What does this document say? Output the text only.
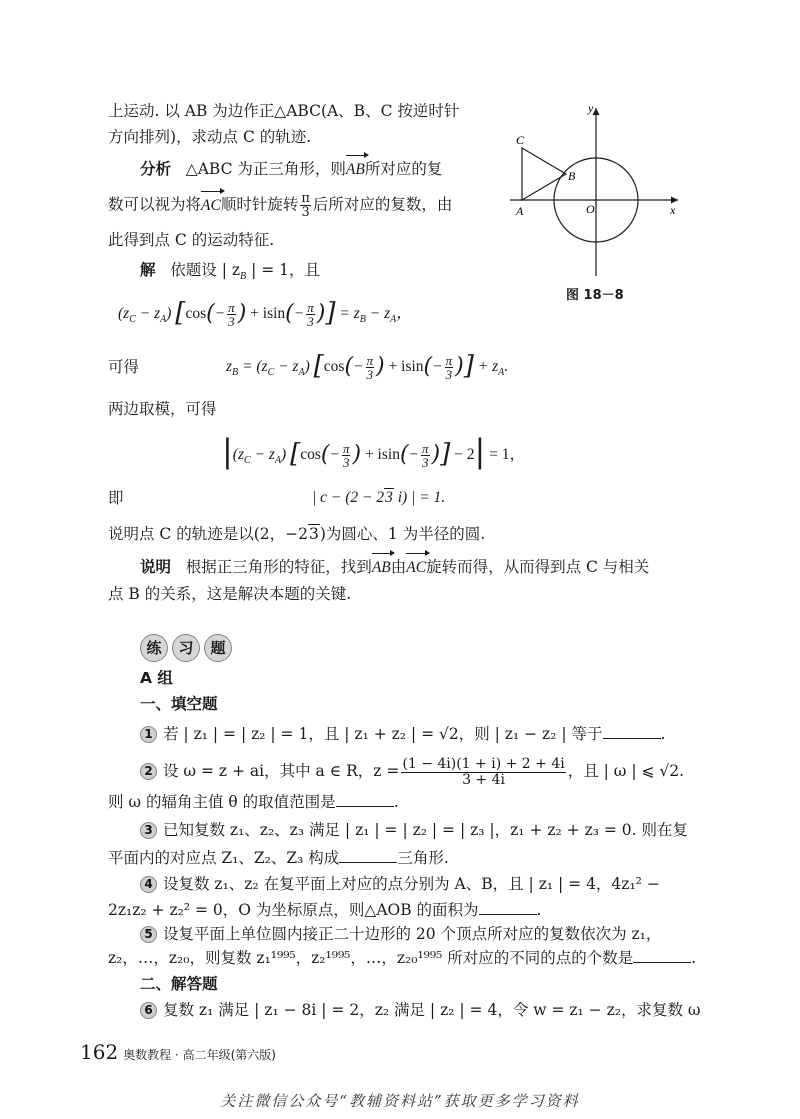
上运动. 以 AB 为边作正△ABC(A、B、C 按逆时针
方向排列)，求动点 C 的轨迹.
分析 △ABC 为正三角形，则AB所对应的复
数可以视为将AC顺时针旋转 $\frac{\pi}{3}$ 后所对应的复数，由
此得到点 C 的运动特征.
解 依题设 | $z_B$ | = 1，且
$(z_C - z_A)$ [$\cos(- \frac{\pi}{3}$ ) + $isin(- \frac{\pi}{3}$ )] = $z_B - z_A$，
可得	$z_B = (z_C - z_A)$ [$\cos(- \frac{\pi}{3}$ ) + $isin(- \frac{\pi}{3}$ )] + $z_A$.
两边取模，可得
$|(z_C - z_A)$ [$\cos(- \frac{\pi}{3}$ ) + $isin(- \frac{\pi}{3}$ )] − 2| = 1，
即	| c − (2 − 23 i) | = 1.
说明点 C 的轨迹是以(2，−23)为圆心、1 为半径的圆.
说明 根据正三角形的特征，找到AB由AC旋转而得，从而得到点 C 与相关
点 B 的关系，这是解决本题的关键.
y
x
C
B
A	O
图 18－8
练 习 题
A 组
一、填空题
1 若 | z₁ | = | z₂ | = 1，且 | z₁ + z₂ | = √2，则 | z₁ − z₂ | 等于	.
2 设 ω = z + ai，其中 a ∈ R，$z = \frac{(1 - 4i)(1 + i) + 2 + 4i}{3 + 4i}$ ，且 | ω | ⩽ √2.
则 ω 的辐角主值 θ 的取值范围是	.
3 已知复数 z₁、z₂、z₃ 满足 | z₁ | = | z₂ | = | z₃ |，z₁ + z₂ + z₃ = 0. 则在复
平面内的对应点 Z₁、Z₂、Z₃ 构成	三角形.
4 设复数 z₁、z₂ 在复平面上对应的点分别为 A、B，且 | z₁ | = 4，4z₁² −
2z₁z₂ + z₂² = 0，O 为坐标原点，则△AOB 的面积为	.
5 设复平面上单位圆内接正二十边形的 20 个顶点所对应的复数依次为 z₁，
z₂，…，z₂₀，则复数 z₁¹⁹⁹⁵，z₂¹⁹⁹⁵，…，z₂₀¹⁹⁹⁵ 所对应的不同的点的个数是	.
二、解答题
6 复数 z₁ 满足 | z₁ − 8i | = 2，z₂ 满足 | z₂ | = 4，令 w = z₁ − z₂，求复数 ω
162 奥数教程 · 高二年级(第六版)
关注微信公众号“教辅资料站”获取更多学习资料
